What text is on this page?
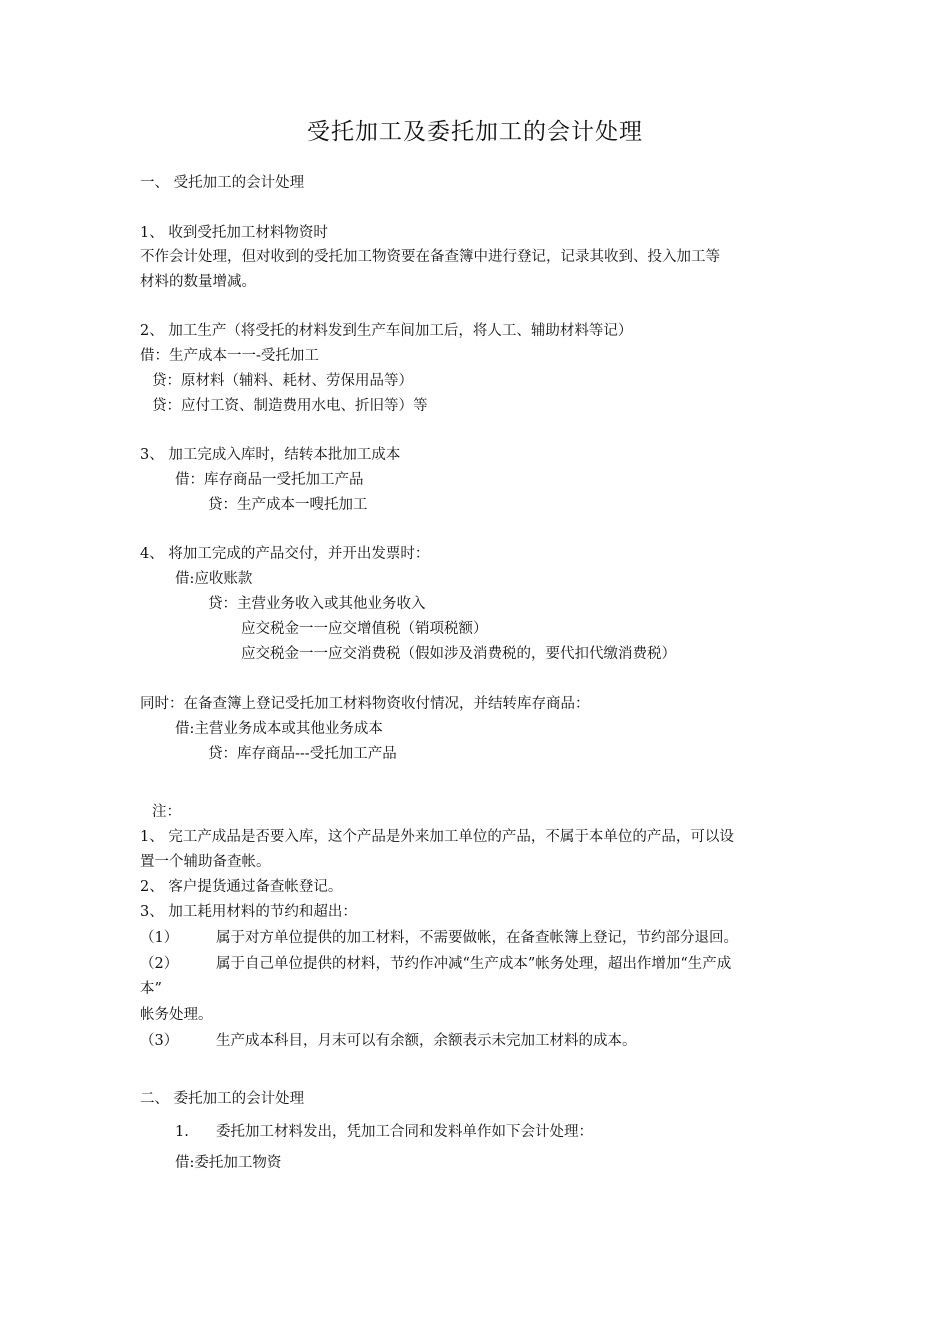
受托加工及委托加工的会计处理
一、 受托加工的会计处理
1、 收到受托加工材料物资时
不作会计处理，但对收到的受托加工物资要在备查簿中进行登记，记录其收到、投入加工等
材料的数量增减。
2、 加工生产（将受托的材料发到生产车间加工后，将人工、辅助材料等记）
借：生产成本一一-受托加工
贷：原材料（辅料、耗材、劳保用品等）
贷：应付工资、制造费用水电、折旧等）等
3、 加工完成入库时，结转本批加工成本
借：库存商品一受托加工产品
贷：生产成本一嗖托加工
4、 将加工完成的产品交付，并开出发票时：
借:应收账款
贷：主营业务收入或其他业务收入
应交税金一一应交增值税（销项税额）
应交税金一一应交消费税（假如涉及消费税的，要代扣代缴消费税）
同时：在备查簿上登记受托加工材料物资收付情况，并结转库存商品：
借:主营业务成本或其他业务成本
贷：库存商品---受托加工产品
注：
1、 完工产成品是否要入库，这个产品是外来加工单位的产品，不属于本单位的产品，可以设
置一个辅助备查帐。
2、 客户提货通过备查帐登记。
3、 加工耗用材料的节约和超出：
（1）	属于对方单位提供的加工材料，不需要做帐，在备查帐簿上登记，节约部分退回。
（2）	属于自己单位提供的材料，节约作冲减“生产成本”帐务处理，超出作增加“生产成
本”
帐务处理。
（3）	生产成本科目，月末可以有余额，余额表示未完加工材料的成本。
二、 委托加工的会计处理
1. 委托加工材料发出，凭加工合同和发料单作如下会计处理：
借:委托加工物资
